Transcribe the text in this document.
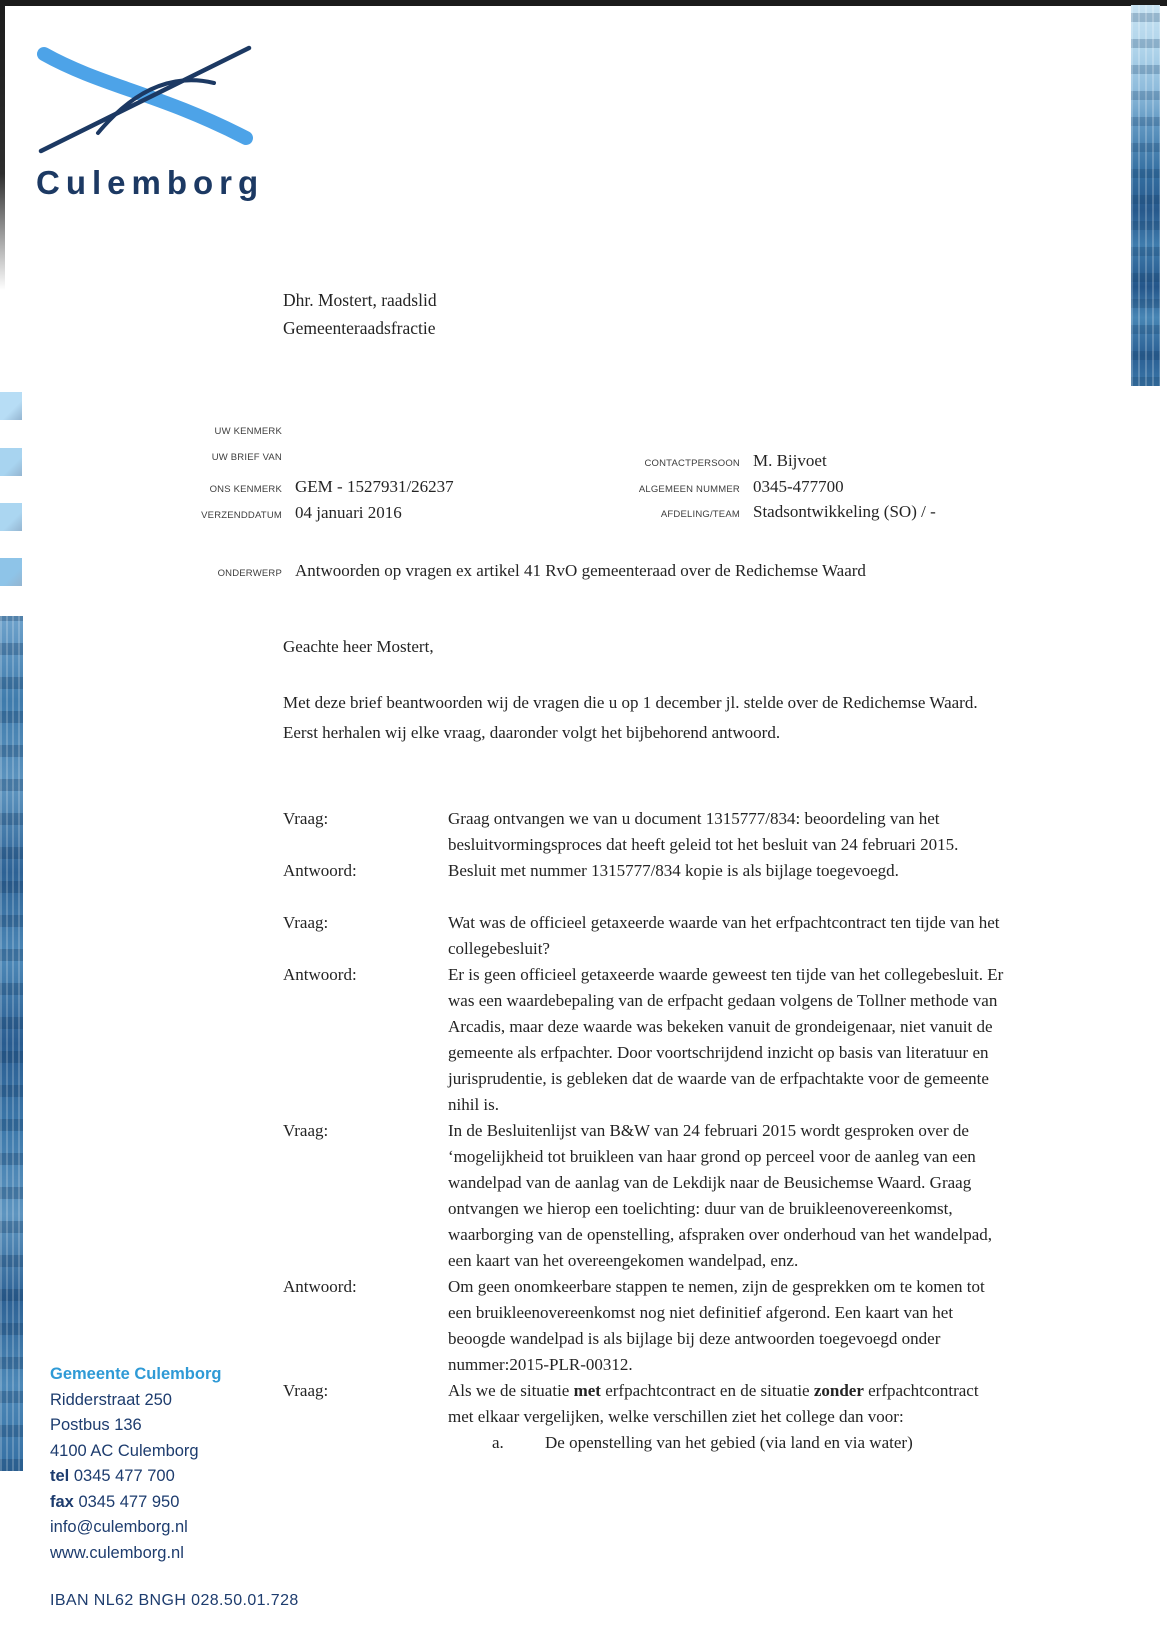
Culemborg
Dhr. Mostert, raadslid
Gemeenteraadsfractie
UW KENMERK
UW BRIEF VAN
ONS KENMERK GEM - 1527931/26237
VERZENDDATUM 04 januari 2016
CONTACTPERSOON M. Bijvoet
ALGEMEEN NUMMER 0345-477700
AFDELING/TEAM Stadsontwikkeling (SO) / -
ONDERWERP Antwoorden op vragen ex artikel 41 RvO gemeenteraad over de Redichemse Waard
Geachte heer Mostert,

Met deze brief beantwoorden wij de vragen die u op 1 december jl. stelde over de Redichemse Waard.

Eerst herhalen wij elke vraag, daaronder volgt het bijbehorend antwoord.

Vraag:	Graag ontvangen we van u document 1315777/834: beoordeling van het besluitvormingsproces dat heeft geleid tot het besluit van 24 februari 2015.
Antwoord:	Besluit met nummer 1315777/834 kopie is als bijlage toegevoegd.
Vraag:	Wat was de officieel getaxeerde waarde van het erfpachtcontract ten tijde van het collegebesluit?
Antwoord:	Er is geen officieel getaxeerde waarde geweest ten tijde van het collegebesluit. Er was een waardebepaling van de erfpacht gedaan volgens de Tollner methode van Arcadis, maar deze waarde was bekeken vanuit de grondeigenaar, niet vanuit de gemeente als erfpachter. Door voortschrijdend inzicht op basis van literatuur en jurisprudentie, is gebleken dat de waarde van de erfpachtakte voor de gemeente nihil is.
Vraag:	In de Besluitenlijst van B&W van 24 februari 2015 wordt gesproken over de ‘mogelijkheid tot bruikleen van haar grond op perceel voor de aanleg van een wandelpad van de aanlag van de Lekdijk naar de Beusichemse Waard. Graag ontvangen we hierop een toelichting: duur van de bruikleenovereenkomst, waarborging van de openstelling, afspraken over onderhoud van het wandelpad, een kaart van het overeengekomen wandelpad, enz.
Antwoord:	Om geen onomkeerbare stappen te nemen, zijn de gesprekken om te komen tot een bruikleenovereenkomst nog niet definitief afgerond. Een kaart van het beoogde wandelpad is als bijlage bij deze antwoorden toegevoegd onder nummer:2015-PLR-00312.
Vraag:	Als we de situatie met erfpachtcontract en de situatie zonder erfpachtcontract met elkaar vergelijken, welke verschillen ziet het college dan voor:
a. De openstelling van het gebied (via land en via water)
Gemeente Culemborg
Ridderstraat 250
Postbus 136
4100 AC Culemborg
tel 0345 477 700
fax 0345 477 950
info@culemborg.nl
www.culemborg.nl
IBAN NL62 BNGH 028.50.01.728
